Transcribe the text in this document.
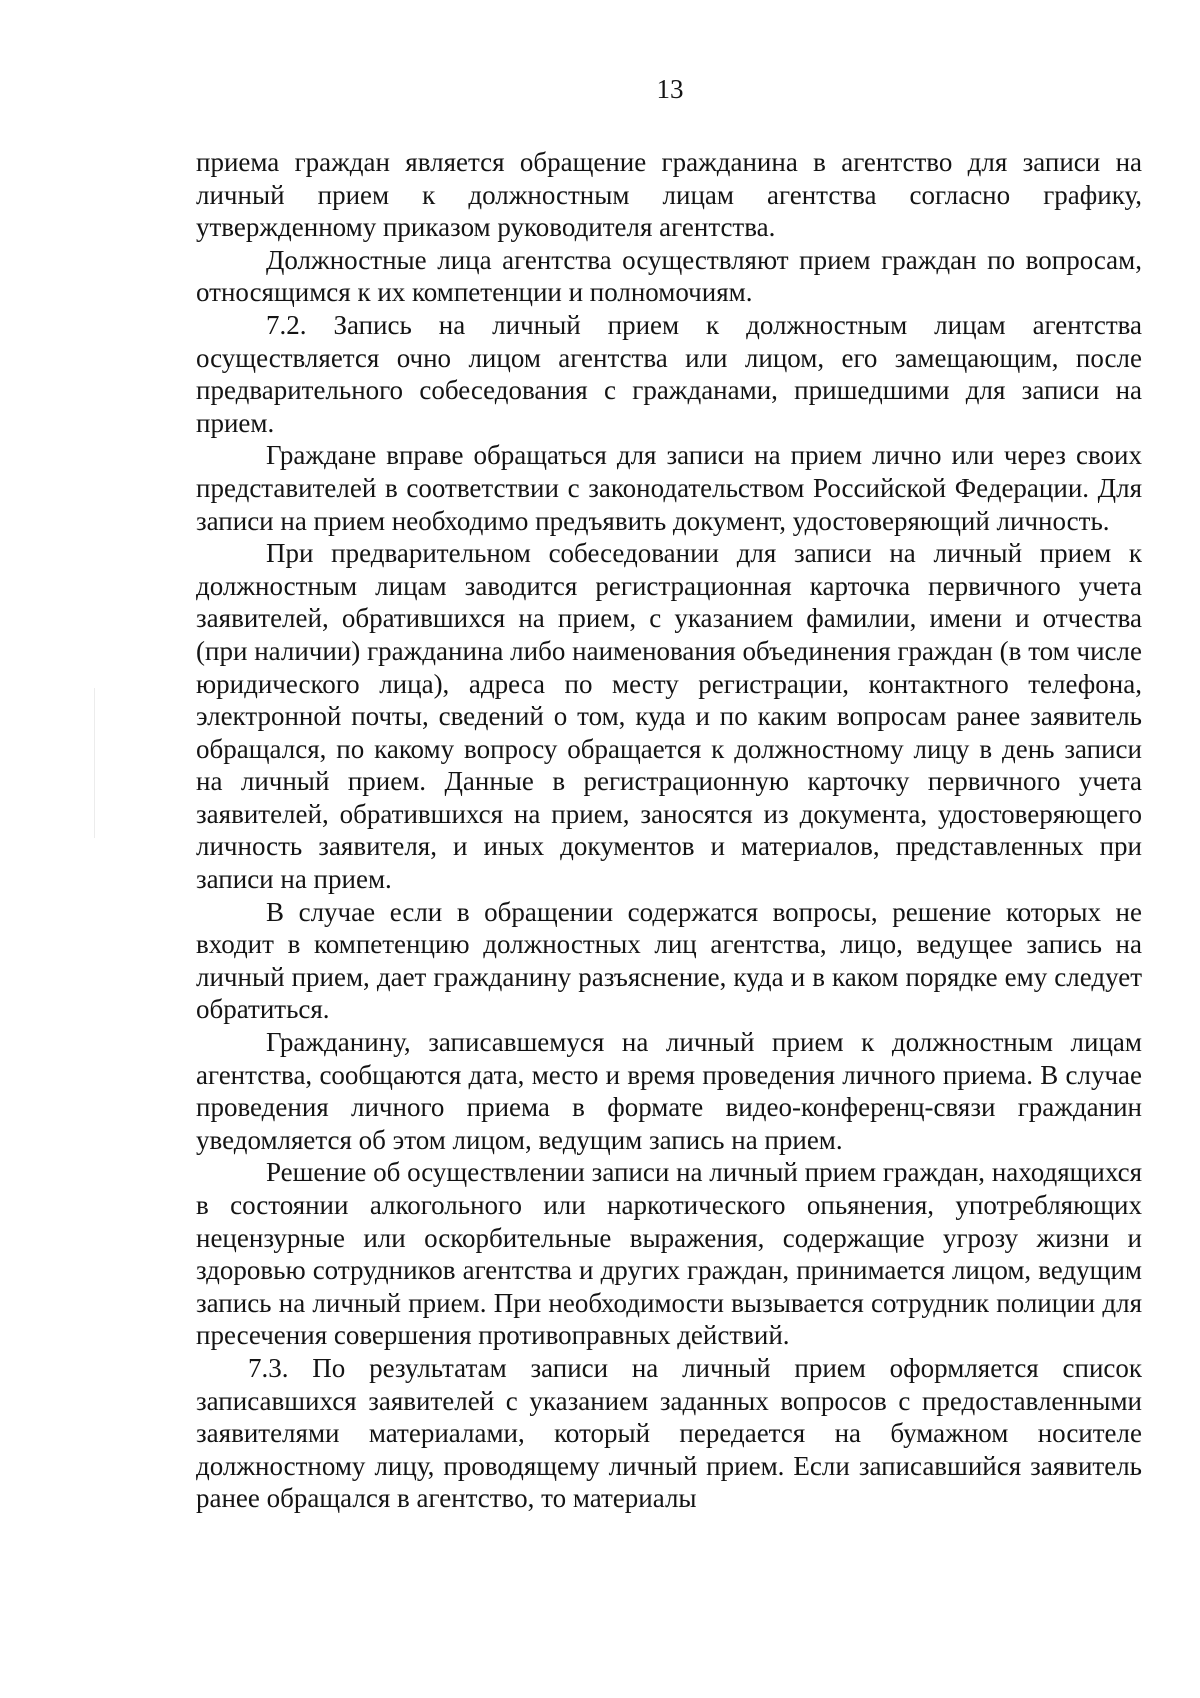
13

приема граждан является обращение гражданина в агентство для записи на личный прием к должностным лицам агентства согласно графику, утвержденному приказом руководителя агентства.

Должностные лица агентства осуществляют прием граждан по вопросам, относящимся к их компетенции и полномочиям.

7.2. Запись на личный прием к должностным лицам агентства осуществляется очно лицом агентства или лицом, его замещающим, после предварительного собеседования с гражданами, пришедшими для записи на прием.

Граждане вправе обращаться для записи на прием лично или через своих представителей в соответствии с законодательством Российской Федерации. Для записи на прием необходимо предъявить документ, удостоверяющий личность.

При предварительном собеседовании для записи на личный прием к должностным лицам заводится регистрационная карточка первичного учета заявителей, обратившихся на прием, с указанием фамилии, имени и отчества (при наличии) гражданина либо наименования объединения граждан (в том числе юридического лица), адреса по месту регистрации, контактного телефона, электронной почты, сведений о том, куда и по каким вопросам ранее заявитель обращался, по какому вопросу обращается к должностному лицу в день записи на личный прием. Данные в регистрационную карточку первичного учета заявителей, обратившихся на прием, заносятся из документа, удостоверяющего личность заявителя, и иных документов и материалов, представленных при записи на прием.

В случае если в обращении содержатся вопросы, решение которых не входит в компетенцию должностных лиц агентства, лицо, ведущее запись на личный прием, дает гражданину разъяснение, куда и в каком порядке ему следует обратиться.

Гражданину, записавшемуся на личный прием к должностным лицам агентства, сообщаются дата, место и время проведения личного приема. В случае проведения личного приема в формате видео-конференц-связи гражданин уведомляется об этом лицом, ведущим запись на прием.

Решение об осуществлении записи на личный прием граждан, находящихся в состоянии алкогольного или наркотического опьянения, употребляющих нецензурные или оскорбительные выражения, содержащие угрозу жизни и здоровью сотрудников агентства и других граждан, принимается лицом, ведущим запись на личный прием. При необходимости вызывается сотрудник полиции для пресечения совершения противоправных действий.

7.3. По результатам записи на личный прием оформляется список записавшихся заявителей с указанием заданных вопросов с предоставленными заявителями материалами, который передается на бумажном носителе должностному лицу, проводящему личный прием. Если записавшийся заявитель ранее обращался в агентство, то материалы
